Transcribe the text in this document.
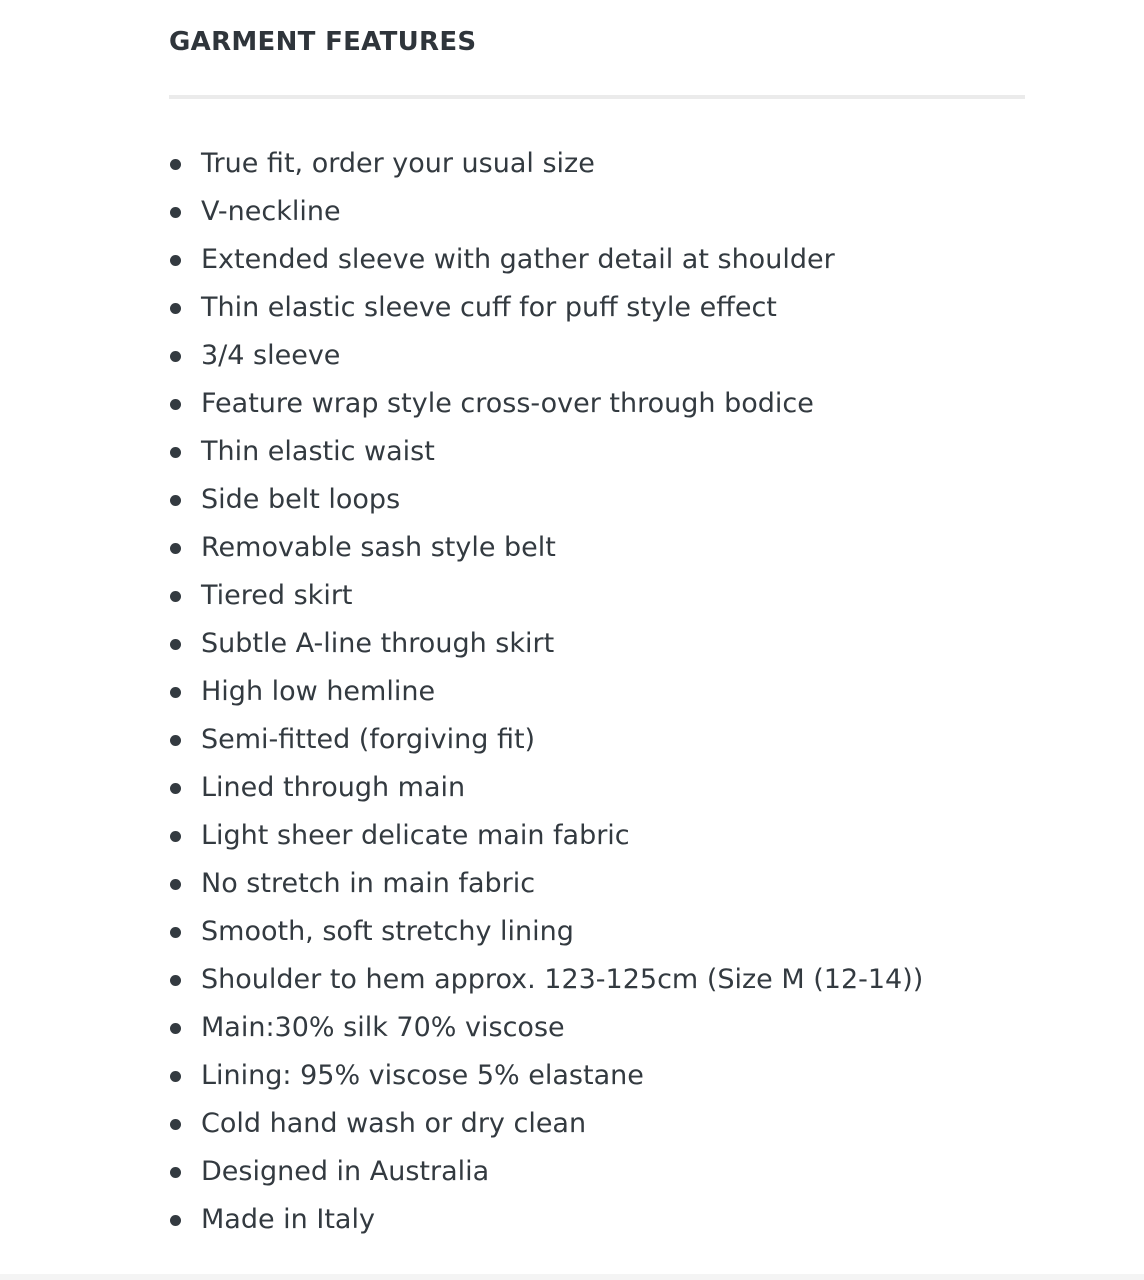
GARMENT FEATURES
True fit, order your usual size
V-neckline
Extended sleeve with gather detail at shoulder
Thin elastic sleeve cuff for puff style effect
3/4 sleeve
Feature wrap style cross-over through bodice
Thin elastic waist
Side belt loops
Removable sash style belt
Tiered skirt
Subtle A-line through skirt
High low hemline
Semi-fitted (forgiving fit)
Lined through main
Light sheer delicate main fabric
No stretch in main fabric
Smooth, soft stretchy lining
Shoulder to hem approx. 123-125cm (Size M (12-14))
Main:30% silk 70% viscose
Lining: 95% viscose 5% elastane
Cold hand wash or dry clean
Designed in Australia
Made in Italy
